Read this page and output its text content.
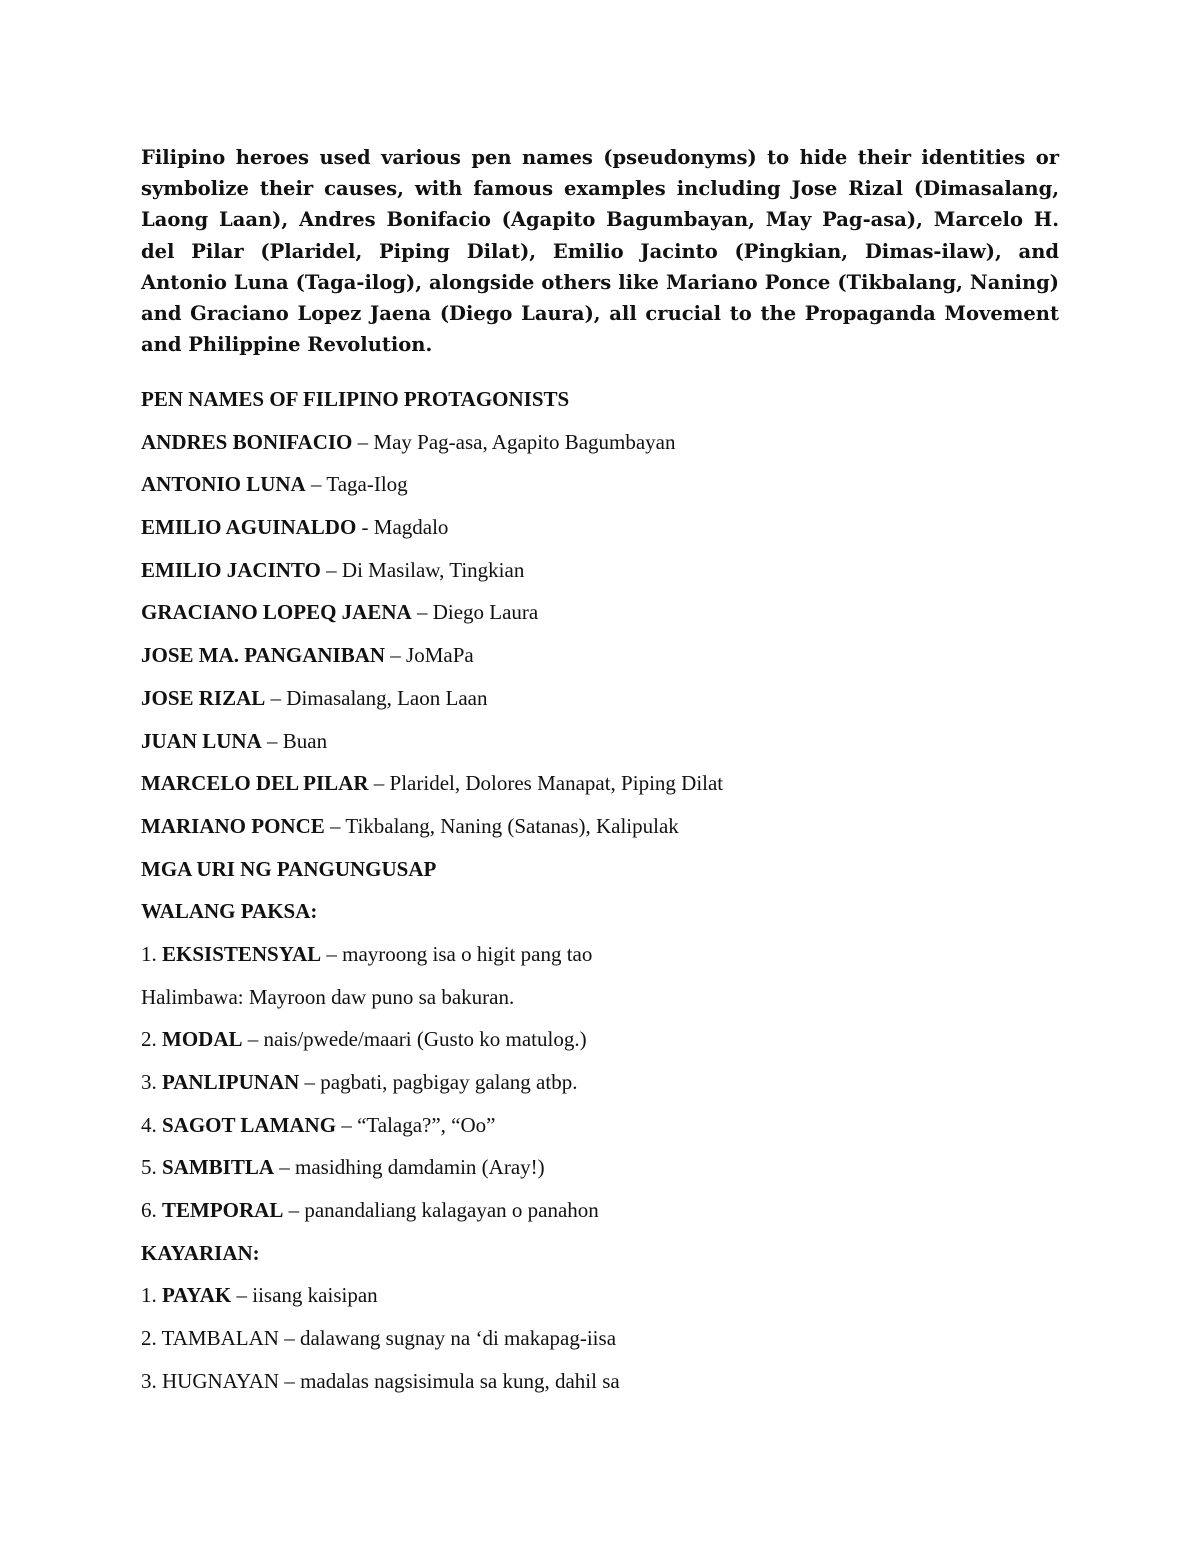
Filipino heroes used various pen names (pseudonyms) to hide their identities or symbolize their causes, with famous examples including Jose Rizal (Dimasalang, Laong Laan), Andres Bonifacio (Agapito Bagumbayan, May Pag-asa), Marcelo H. del Pilar (Plaridel, Piping Dilat), Emilio Jacinto (Pingkian, Dimas-ilaw), and Antonio Luna (Taga-ilog), alongside others like Mariano Ponce (Tikbalang, Naning) and Graciano Lopez Jaena (Diego Laura), all crucial to the Propaganda Movement and Philippine Revolution.

PEN NAMES OF FILIPINO PROTAGONISTS
ANDRES BONIFACIO – May Pag-asa, Agapito Bagumbayan
ANTONIO LUNA – Taga-Ilog
EMILIO AGUINALDO - Magdalo
EMILIO JACINTO – Di Masilaw, Tingkian
GRACIANO LOPEQ JAENA – Diego Laura
JOSE MA. PANGANIBAN – JoMaPa
JOSE RIZAL – Dimasalang, Laon Laan
JUAN LUNA – Buan
MARCELO DEL PILAR – Plaridel, Dolores Manapat, Piping Dilat
MARIANO PONCE – Tikbalang, Naning (Satanas), Kalipulak
MGA URI NG PANGUNGUSAP
WALANG PAKSA:
1. EKSISTENSYAL – mayroong isa o higit pang tao
Halimbawa: Mayroon daw puno sa bakuran.
2. MODAL – nais/pwede/maari (Gusto ko matulog.)
3. PANLIPUNAN – pagbati, pagbigay galang atbp.
4. SAGOT LAMANG – “Talaga?”, “Oo”
5. SAMBITLA – masidhing damdamin (Aray!)
6. TEMPORAL – panandaliang kalagayan o panahon
KAYARIAN:
1. PAYAK – iisang kaisipan
2. TAMBALAN – dalawang sugnay na ‘di makapag-iisa
3. HUGNAYAN – madalas nagsisimula sa kung, dahil sa
